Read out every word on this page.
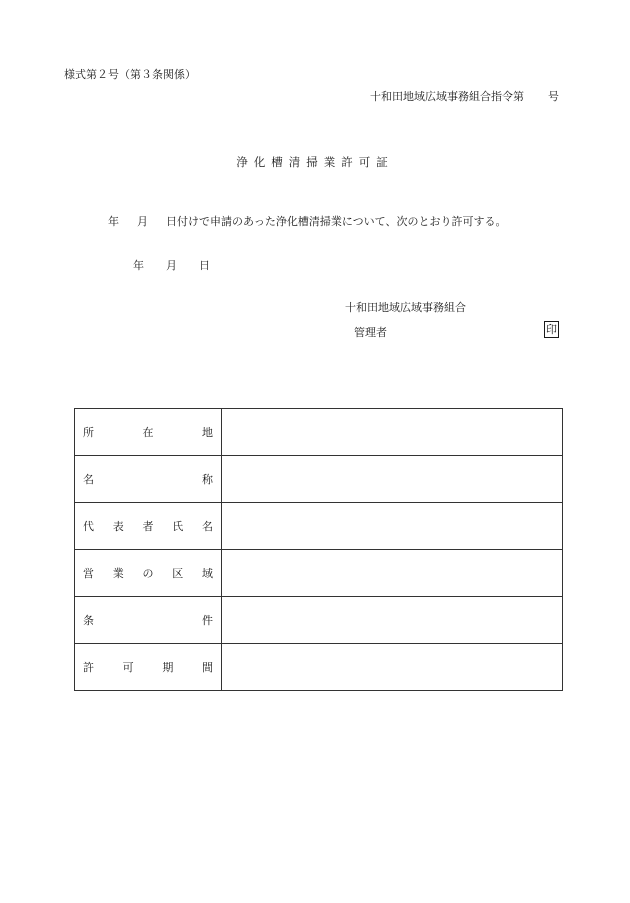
様式第２号（第３条関係）
十和田地域広域事務組合指令第 号
浄化槽清掃業許可証
年 月 日付けで申請のあった浄化槽清掃業について、次のとおり許可する。
年 月 日
十和田地域広域事務組合
管理者	印
所 在 地	

名 称	

代 表 者 氏 名	

営 業 の 区 域	

条 件	

許 可 期 間	
